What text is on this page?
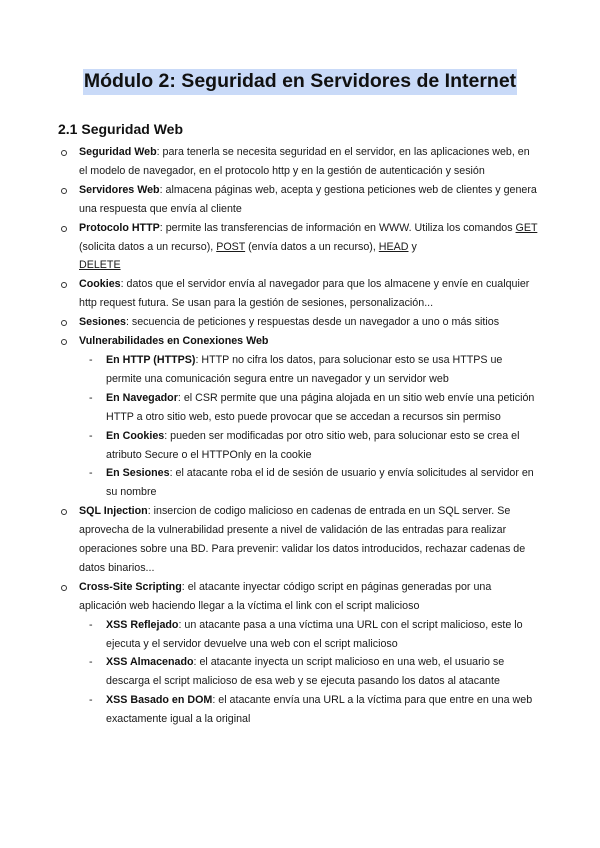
Módulo 2: Seguridad en Servidores de Internet
2.1 Seguridad Web
Seguridad Web: para tenerla se necesita seguridad en el servidor, en las aplicaciones web, en el modelo de navegador, en el protocolo http y en la gestión de autenticación y sesión
Servidores Web: almacena páginas web, acepta y gestiona peticiones web de clientes y genera una respuesta que envía al cliente
Protocolo HTTP: permite las transferencias de información en WWW. Utiliza los comandos GET (solicita datos a un recurso), POST (envía datos a un recurso), HEAD y
DELETE
Cookies: datos que el servidor envía al navegador para que los almacene y envíe en cualquier http request futura. Se usan para la gestión de sesiones, personalización...
Sesiones: secuencia de peticiones y respuestas desde un navegador a uno o más sitios
Vulnerabilidades en Conexiones Web
- En HTTP (HTTPS): HTTP no cifra los datos, para solucionar esto se usa HTTPS ue permite una comunicación segura entre un navegador y un servidor web
- En Navegador: el CSR permite que una página alojada en un sitio web envíe una petición HTTP a otro sitio web, esto puede provocar que se accedan a recursos sin permiso
- En Cookies: pueden ser modificadas por otro sitio web, para solucionar esto se crea el atributo Secure o el HTTPOnly en la cookie
- En Sesiones: el atacante roba el id de sesión de usuario y envía solicitudes al servidor en su nombre
SQL Injection: insercion de codigo malicioso en cadenas de entrada en un SQL server. Se aprovecha de la vulnerabilidad presente a nivel de validación de las entradas para realizar operaciones sobre una BD. Para prevenir: validar los datos introducidos, rechazar cadenas de datos binarios...
Cross-Site Scripting: el atacante inyectar código script en páginas generadas por una aplicación web haciendo llegar a la víctima el link con el script malicioso
- XSS Reflejado: un atacante pasa a una víctima una URL con el script malicioso, este lo ejecuta y el servidor devuelve una web con el script malicioso
- XSS Almacenado: el atacante inyecta un script malicioso en una web, el usuario se descarga el script malicioso de esa web y se ejecuta pasando los datos al atacante
- XSS Basado en DOM: el atacante envía una URL a la víctima para que entre en una web exactamente igual a la original
